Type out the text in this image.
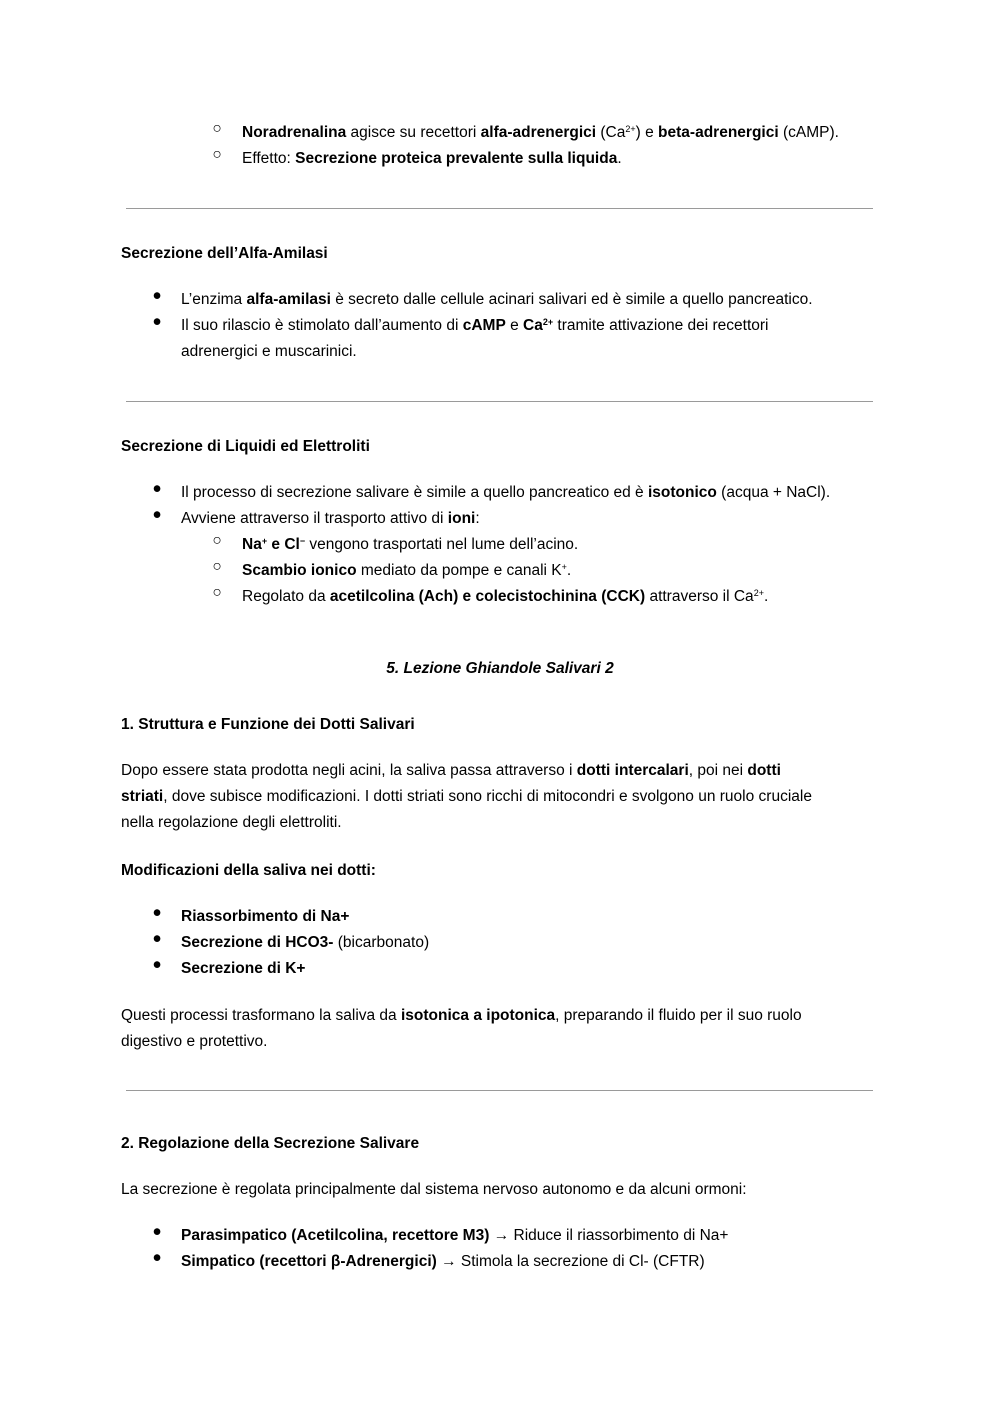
○ Noradrenalina agisce su recettori alfa-adrenergici $(Ca^{2+})$ e beta-adrenergici (cAMP).
○ Effetto: Secrezione proteica prevalente sulla liquida.
Secrezione dell’Alfa-Amilasi
● L’enzima alfa-amilasi è secreto dalle cellule acinari salivari ed è simile a quello pancreatico.
● Il suo rilascio è stimolato dall’aumento di cAMP e $Ca^{2+}$ tramite attivazione dei recettori
adrenergici e muscarinici.
Secrezione di Liquidi ed Elettroliti
● Il processo di secrezione salivare è simile a quello pancreatico ed è isotonico (acqua + NaCl).
● Avviene attraverso il trasporto attivo di ioni:
○ Na+ e Cl− vengono trasportati nel lume dell’acino.
○ Scambio ionico mediato da pompe e canali K+.
○ Regolato da acetilcolina (Ach) e colecistochinina (CCK) attraverso il $Ca^{2+}$.
5. Lezione Ghiandole Salivari 2
1. Struttura e Funzione dei Dotti Salivari
Dopo essere stata prodotta negli acini, la saliva passa attraverso i dotti intercalari, poi nei dotti
striati, dove subisce modificazioni. I dotti striati sono ricchi di mitocondri e svolgono un ruolo cruciale
nella regolazione degli elettroliti.
Modificazioni della saliva nei dotti:
● Riassorbimento di Na+
● Secrezione di HCO3- (bicarbonato)
● Secrezione di K+
Questi processi trasformano la saliva da isotonica a ipotonica, preparando il fluido per il suo ruolo
digestivo e protettivo.
2. Regolazione della Secrezione Salivare
La secrezione è regolata principalmente dal sistema nervoso autonomo e da alcuni ormoni:
● Parasimpatico (Acetilcolina, recettore M3) → Riduce il riassorbimento di Na+
● Simpatico (recettori β-Adrenergici) → Stimola la secrezione di Cl- (CFTR)
